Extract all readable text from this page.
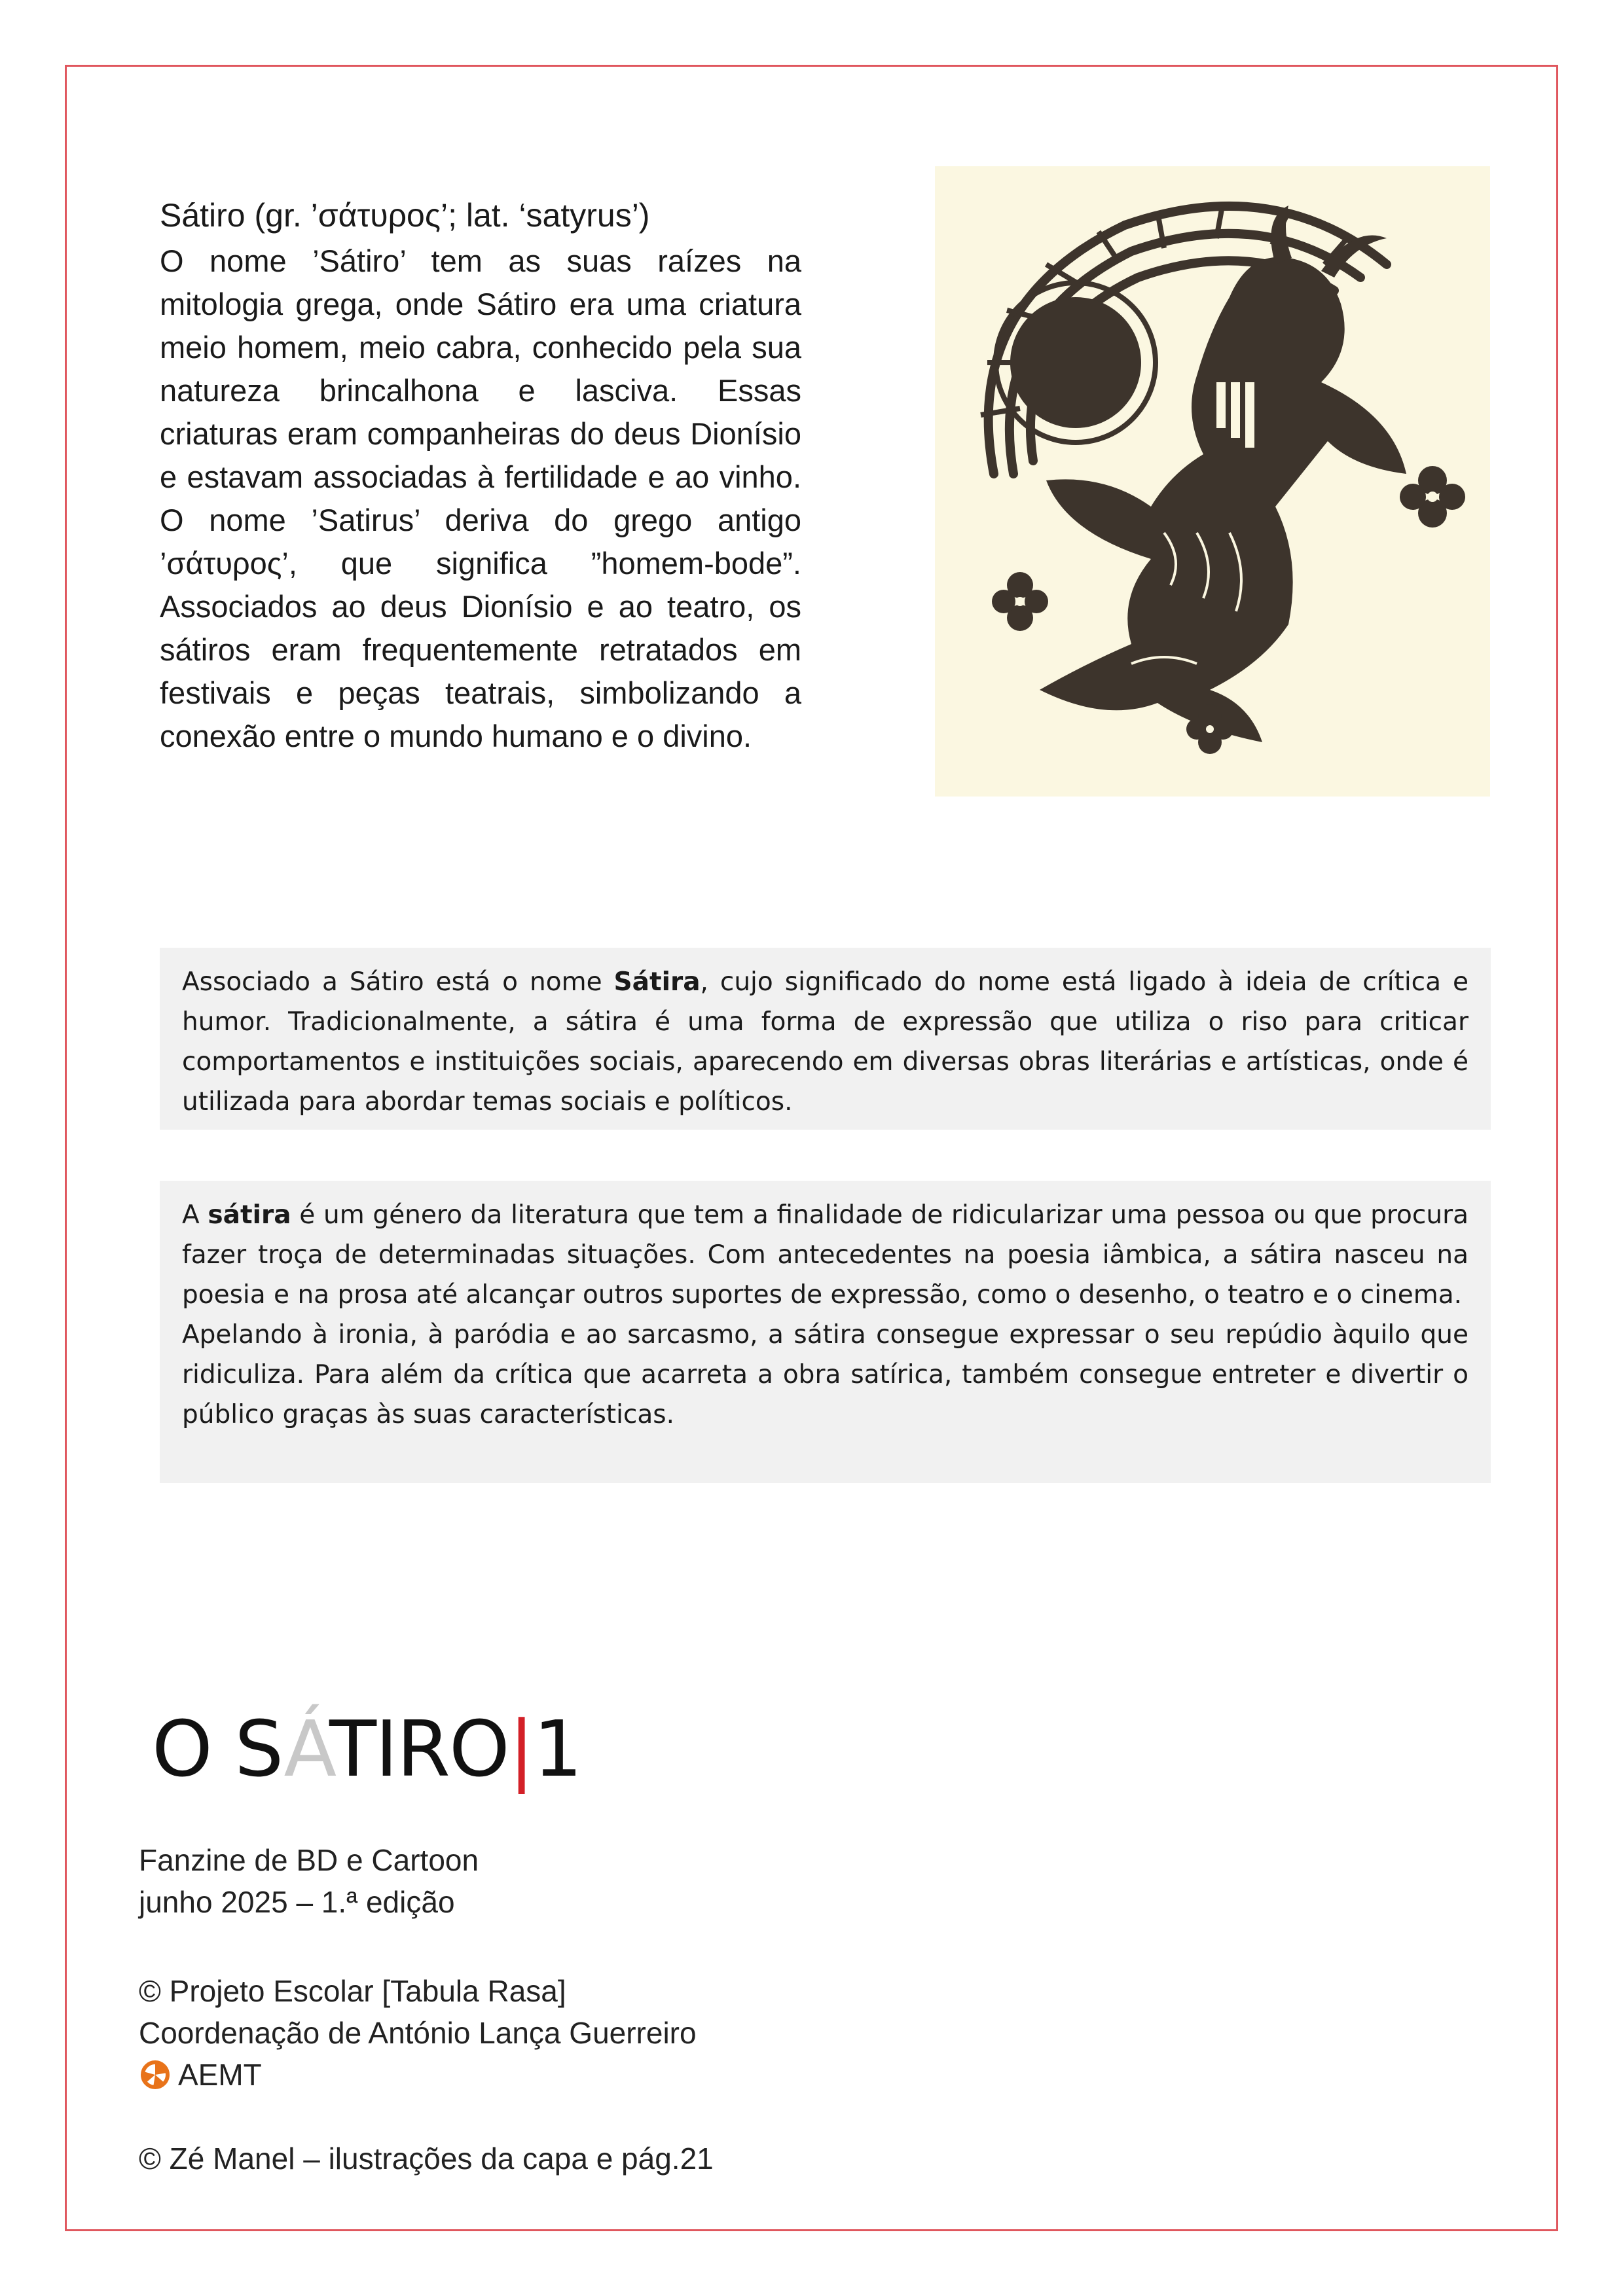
Sátiro (gr. ’σάτυρος’; lat. ‘satyrus’)

O nome ’Sátiro’ tem as suas raízes na mitologia grega, onde Sátiro era uma criatura meio homem, meio cabra, conhecido pela sua natureza brincalhona e lasciva. Essas criaturas eram companheiras do deus Dionísio e estavam associadas à fertilidade e ao vinho. O nome ’Satirus’ deriva do grego antigo ’σάτυρος’, que significa ”homem-bode”. Associados ao deus Dionísio e ao teatro, os sátiros eram frequentemente retratados em festivais e peças teatrais, simbolizando a conexão entre o mundo humano e o divino.

Associado a Sátiro está o nome Sátira, cujo significado do nome está ligado à ideia de crítica e humor. Tradicionalmente, a sátira é uma forma de expressão que utiliza o riso para criticar comportamentos e instituições sociais, aparecendo em diversas obras literárias e artísticas, onde é utilizada para abordar temas sociais e políticos.

A sátira é um género da literatura que tem a finalidade de ridicularizar uma pessoa ou que procura fazer troça de determinadas situações. Com antecedentes na poesia iâmbica, a sátira nasceu na poesia e na prosa até alcançar outros suportes de expressão, como o desenho, o teatro e o cinema.

Apelando à ironia, à paródia e ao sarcasmo, a sátira consegue expressar o seu repúdio àquilo que ridiculiza. Para além da crítica que acarreta a obra satírica, também consegue entreter e divertir o público graças às suas características.

O SÁTIRO|1
Fanzine de BD e Cartoon
junho 2025 – 1.ª edição
© Projeto Escolar [Tabula Rasa]
Coordenação de António Lança Guerreiro
AEMT
© Zé Manel – ilustrações da capa e pág.21
